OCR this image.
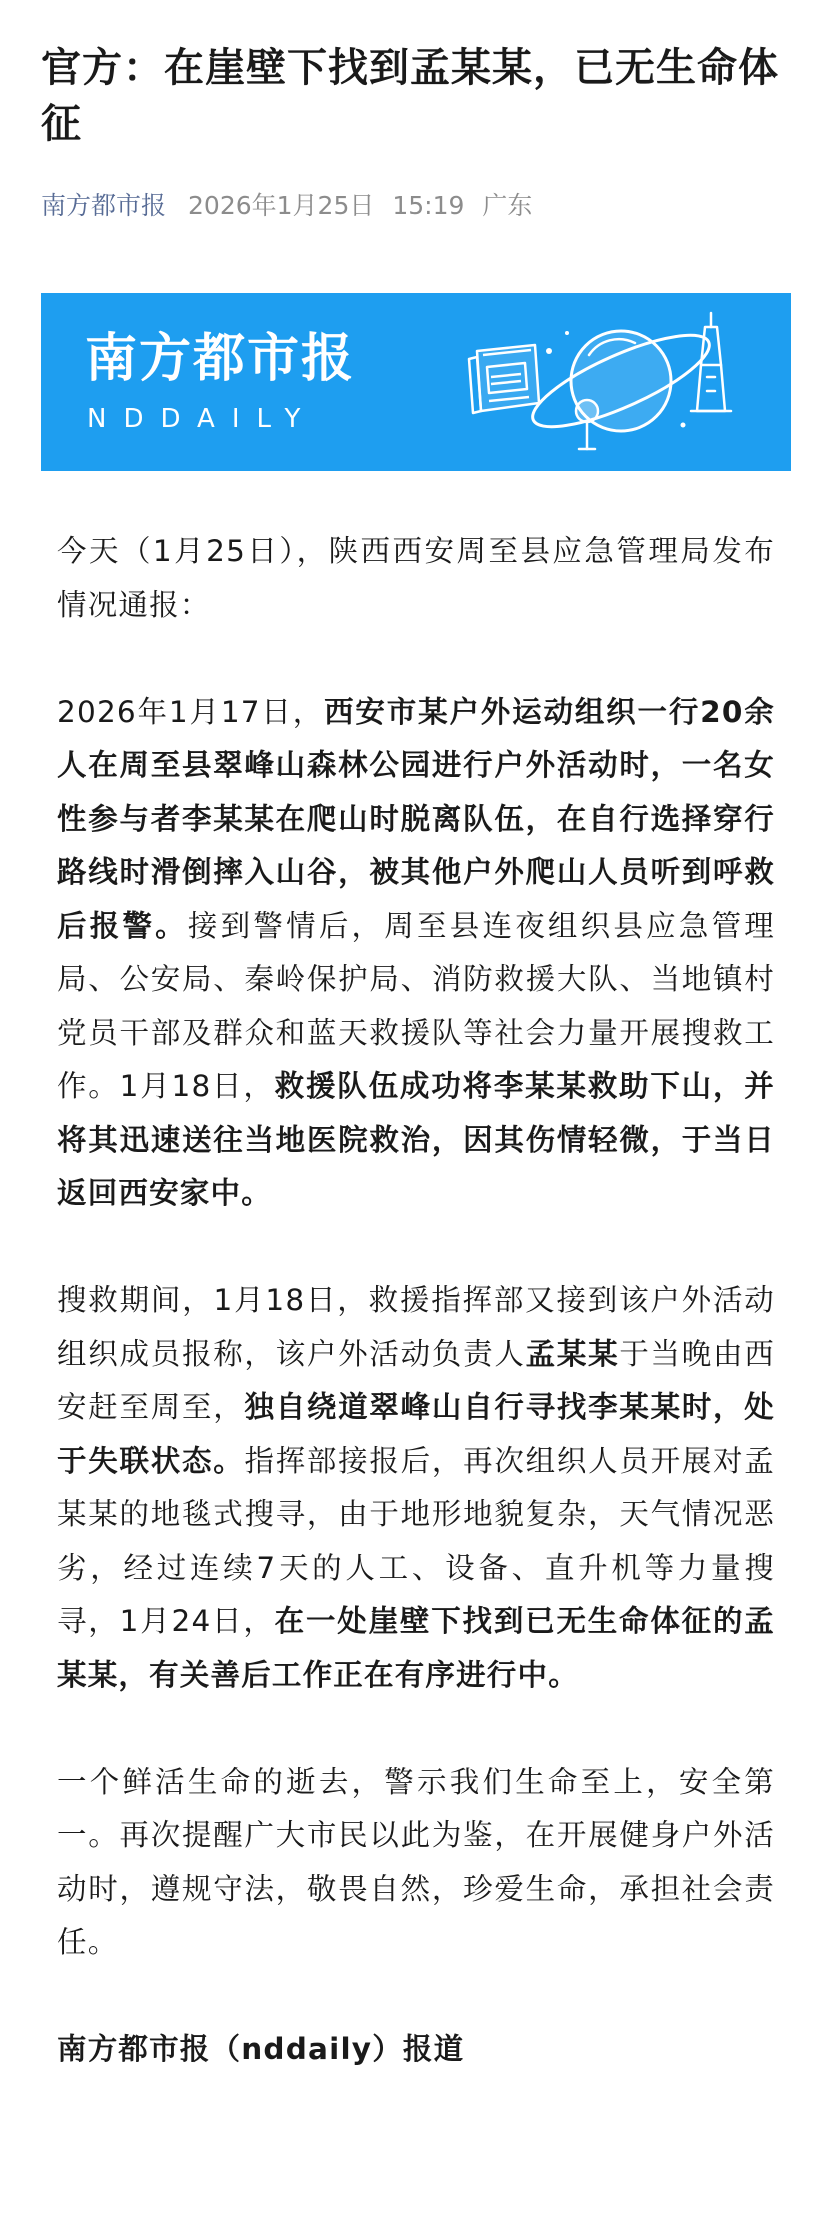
官方：在崖壁下找到孟某某，已无生命体征
南方都市报 2026年1月25日 15:19 广东
南方都市报
NDDAILY

今天（1月25日），陕西西安周至县应急管理局发布情况通报：

2026年1月17日，西安市某户外运动组织一行20余人在周至县翠峰山森林公园进行户外活动时，一名女性参与者李某某在爬山时脱离队伍，在自行选择穿行路线时滑倒摔入山谷，被其他户外爬山人员听到呼救后报警。接到警情后，周至县连夜组织县应急管理局、公安局、秦岭保护局、消防救援大队、当地镇村党员干部及群众和蓝天救援队等社会力量开展搜救工作。1月18日，救援队伍成功将李某某救助下山，并将其迅速送往当地医院救治，因其伤情轻微，于当日返回西安家中。

搜救期间，1月18日，救援指挥部又接到该户外活动组织成员报称，该户外活动负责人孟某某于当晚由西安赶至周至，独自绕道翠峰山自行寻找李某某时，处于失联状态。指挥部接报后，再次组织人员开展对孟某某的地毯式搜寻，由于地形地貌复杂，天气情况恶劣，经过连续7天的人工、设备、直升机等力量搜寻，1月24日，在一处崖壁下找到已无生命体征的孟某某，有关善后工作正在有序进行中。

一个鲜活生命的逝去，警示我们生命至上，安全第一。再次提醒广大市民以此为鉴，在开展健身户外活动时，遵规守法，敬畏自然，珍爱生命，承担社会责任。

南方都市报（nddaily）报道
